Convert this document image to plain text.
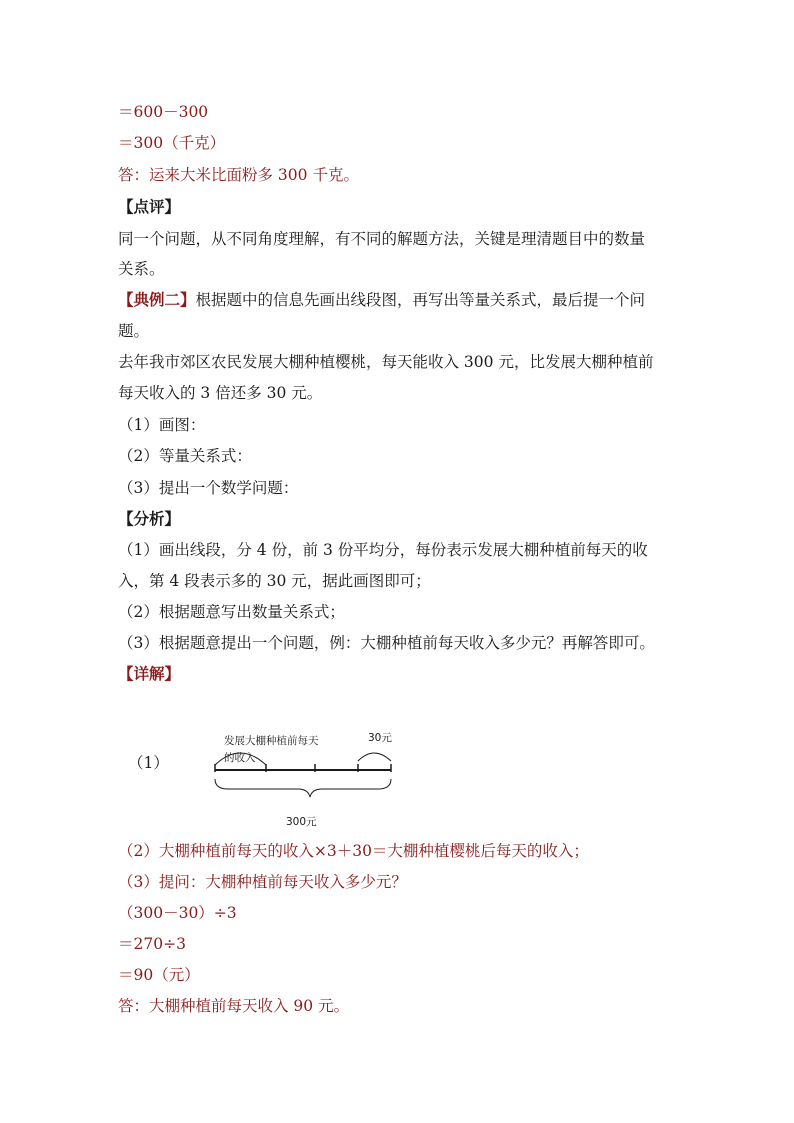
＝600－300
＝300（千克）
答：运来大米比面粉多 300 千克。
【点评】
同一个问题，从不同角度理解，有不同的解题方法，关键是理清题目中的数量
关系。
【典例二】根据题中的信息先画出线段图，再写出等量关系式，最后提一个问
题。
去年我市郊区农民发展大棚种植樱桃，每天能收入 300 元，比发展大棚种植前
每天收入的 3 倍还多 30 元。
（1）画图：
（2）等量关系式：
（3）提出一个数学问题：
【分析】
（1）画出线段，分 4 份，前 3 份平均分，每份表示发展大棚种植前每天的收
入，第 4 段表示多的 30 元，据此画图即可；
（2）根据题意写出数量关系式；
（3）根据题意提出一个问题，例：大棚种植前每天收入多少元？再解答即可。
【详解】
（1）
发展大棚种植前每天
的收入
30元
300元
（2）大棚种植前每天的收入×3＋30＝大棚种植樱桃后每天的收入；
（3）提问：大棚种植前每天收入多少元？
（300－30）÷3
＝270÷3
＝90（元）
答：大棚种植前每天收入 90 元。
